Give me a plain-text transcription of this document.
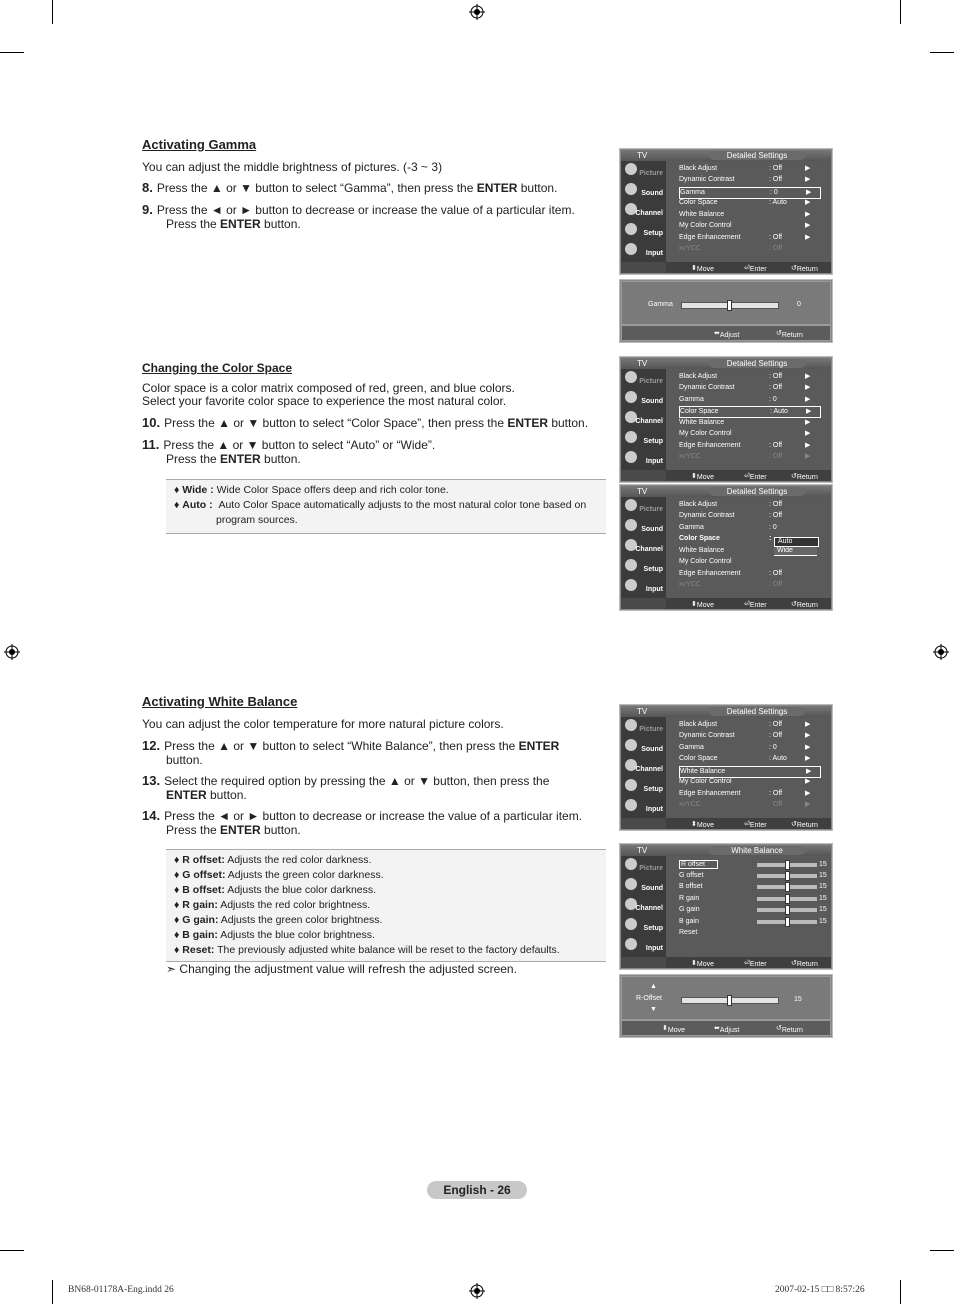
Activating Gamma
You can adjust the middle brightness of pictures. (-3 ~ 3)
8. Press the ▲ or ▼ button to select “Gamma”, then press the ENTER button.
9. Press the ◄ or ► button to decrease or increase the value of a particular item.
Press the ENTER button.
Changing the Color Space
Color space is a color matrix composed of red, green, and blue colors.
Select your favorite color space to experience the most natural color.
10. Press the ▲ or ▼ button to select “Color Space”, then press the ENTER button.
11. Press the ▲ or ▼ button to select “Auto” or “Wide”.
Press the ENTER button.
♦ Wide : Wide Color Space offers deep and rich color tone.
♦ Auto : Auto Color Space automatically adjusts to the most natural color tone based on
program sources.
Activating White Balance
You can adjust the color temperature for more natural picture colors.
12. Press the ▲ or ▼ button to select “White Balance”, then press the ENTER
button.
13. Select the required option by pressing the ▲ or ▼ button, then press the
ENTER button.
14. Press the ◄ or ► button to decrease or increase the value of a particular item.
Press the ENTER button.
♦ R offset: Adjusts the red color darkness.
♦ G offset: Adjusts the green color darkness.
♦ B offset: Adjusts the blue color darkness.
♦ R gain: Adjusts the red color brightness.
♦ G gain: Adjusts the green color brightness.
♦ B gain: Adjusts the blue color brightness.
♦ Reset: The previously adjusted white balance will be reset to the factory defaults.
➣ Changing the adjustment value will refresh the adjusted screen.
TV	Detailed Settings
Picture
Sound
Channel
Setup
Input
Black Adjust	: Off	▶
Dynamic Contrast	: Off	▶
Gamma	: 0	▶
Color Space	: Auto	▶
White Balance	▶
My Color Control	▶
Edge Enhancement	: Off	▶
xvYCC	: Off
⬍ Move	⏎ Enter	↺ Return
Gamma	0
⬌ Adjust	↺ Return
TV	Detailed Settings
Picture
Sound
Channel
Setup
Input
Black Adjust	: Off	▶
Dynamic Contrast	: Off	▶
Gamma	: 0	▶
Color Space	: Auto	▶
White Balance	▶
My Color Control	▶
Edge Enhancement	: Off	▶
xvYCC	: Off	▶
⬍ Move	⏎ Enter	↺ Return
TV	Detailed Settings
Picture
Sound
Channel
Setup
Input
Black Adjust	: Off
Dynamic Contrast	: Off
Gamma	: 0
Color Space	: Auto
Wide
White Balance
My Color Control
Edge Enhancement	: Off
xvYCC	: Off
⬍ Move	⏎ Enter	↺ Return
TV	Detailed Settings
Picture
Sound
Channel
Setup
Input
Black Adjust	: Off	▶
Dynamic Contrast	: Off	▶
Gamma	: 0	▶
Color Space	: Auto	▶
White Balance	▶
My Color Control	▶
Edge Enhancement	: Off	▶
xvYCC	: Off	▶
⬍ Move	⏎ Enter	↺ Return
TV	White Balance
Picture
Sound
Channel
Setup
Input
R offset	15
G offset	15
B offset	15
R gain	15
G gain	15
B gain	15
Reset
⬍ Move	⏎ Enter	↺ Return
▲
R-Offset
▼
15
⬍ Move	⬌ Adjust	↺ Return
English - 26
BN68-01178A-Eng.indd 26	2007-02-15 □□ 8:57:26
